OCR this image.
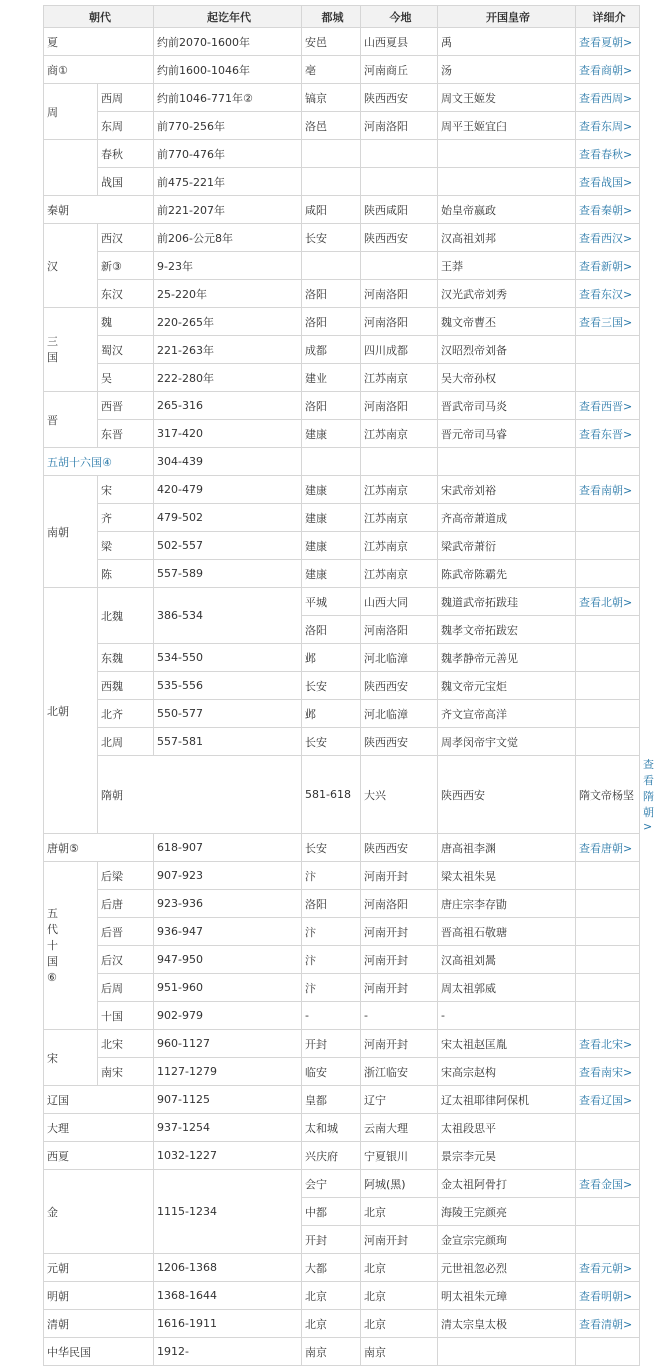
朝代		起讫年代	都城	今地	开国皇帝	详细介	
夏		约前2070-1600年	安邑	山西夏县	禹	查看夏朝>	
商①		约前1600-1046年	亳	河南商丘	汤	查看商朝>	
周	西周	约前1046-771年②	镐京	陕西西安	周文王姬发	查看西周>	
	东周	前770-256年	洛邑	河南洛阳	周平王姬宜臼	查看东周>	
	春秋	前770-476年				查看春秋>	
	战国	前475-221年				查看战国>	
秦朝		前221-207年	咸阳	陕西咸阳	始皇帝嬴政	查看秦朝>	
汉	西汉	前206-公元8年	长安	陕西西安	汉高祖刘邦	查看西汉>	
	新③	9-23年			王莽	查看新朝>	
	东汉	25-220年	洛阳	河南洛阳	汉光武帝刘秀	查看东汉>	
三国	魏	220-265年	洛阳	河南洛阳	魏文帝曹丕	查看三国>	
	蜀汉	221-263年	成都	四川成都	汉昭烈帝刘备		
	吴	222-280年	建业	江苏南京	吴大帝孙权		
晋	西晋	265-316	洛阳	河南洛阳	晋武帝司马炎	查看西晋>	
	东晋	317-420	建康	江苏南京	晋元帝司马睿	查看东晋>	
五胡十六国④		304-439					
南朝	宋	420-479	建康	江苏南京	宋武帝刘裕	查看南朝>	
	齐	479-502	建康	江苏南京	齐高帝萧道成		
	梁	502-557	建康	江苏南京	梁武帝萧衍		
	陈	557-589	建康	江苏南京	陈武帝陈霸先		
北朝	北魏	386-534	平城	山西大同	魏道武帝拓跋珪	查看北朝>	
			洛阳	河南洛阳	魏孝文帝拓跋宏		
	东魏	534-550	邺	河北临漳	魏孝静帝元善见		
	西魏	535-556	长安	陕西西安	魏文帝元宝炬		
	北齐	550-577	邺	河北临漳	齐文宣帝高洋		
	北周	557-581	长安	陕西西安	周孝闵帝宇文觉		
	隋朝		581-618	大兴	陕西西安	隋文帝杨坚	查看隋朝>
唐朝⑤		618-907	长安	陕西西安	唐高祖李渊	查看唐朝>	
五代十国⑥	后梁	907-923	汴	河南开封	梁太祖朱晃		
	后唐	923-936	洛阳	河南洛阳	唐庄宗李存勖		
	后晋	936-947	汴	河南开封	晋高祖石敬瑭		
	后汉	947-950	汴	河南开封	汉高祖刘暠		
	后周	951-960	汴	河南开封	周太祖郭威		
	十国	902-979	-	-	-		
宋	北宋	960-1127	开封	河南开封	宋太祖赵匡胤	查看北宋>	
	南宋	1127-1279	临安	浙江临安	宋高宗赵构	查看南宋>	
辽国		907-1125	皇都	辽宁	辽太祖耶律阿保机	查看辽国>	
大理		937-1254	太和城	云南大理	太祖段思平		
西夏		1032-1227	兴庆府	宁夏银川	景宗李元昊		
金		1115-1234	会宁	阿城(黑)	金太祖阿骨打	查看金国>	
			中都	北京	海陵王完颜亮		
			开封	河南开封	金宣宗完颜珣		
元朝		1206-1368	大都	北京	元世祖忽必烈	查看元朝>	
明朝		1368-1644	北京	北京	明太祖朱元璋	查看明朝>	
清朝		1616-1911	北京	北京	清太宗皇太极	查看清朝>	
中华民国		1912-	南京	南京			
